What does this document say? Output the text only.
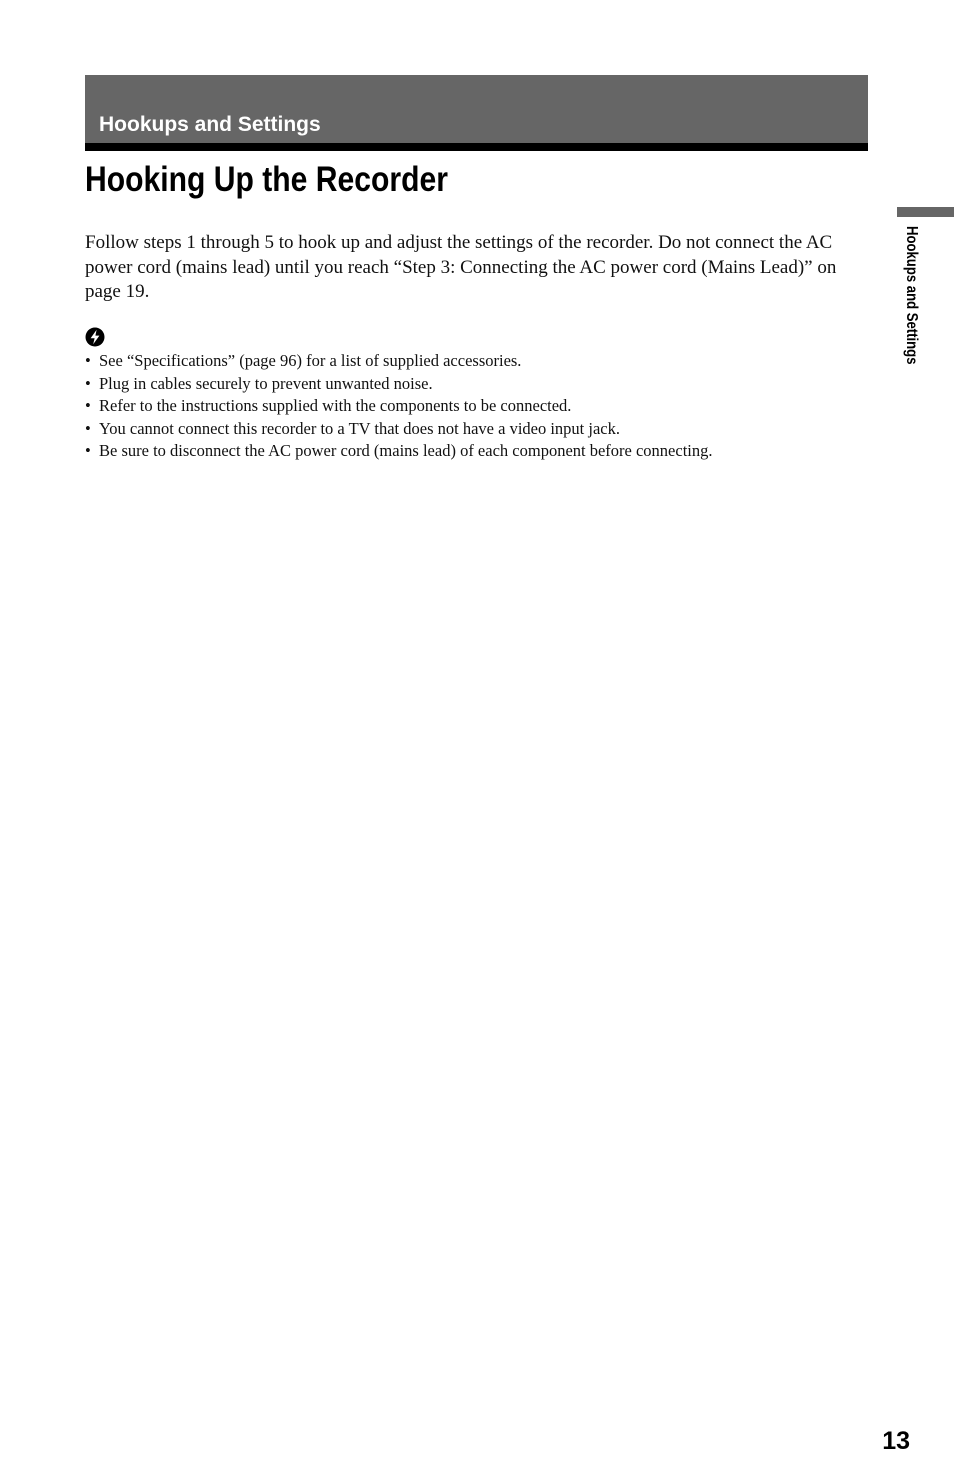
Hookups and Settings
Hooking Up the Recorder

Follow steps 1 through 5 to hook up and adjust the settings of the recorder. Do not connect the AC power cord (mains lead) until you reach “Step 3: Connecting the AC power cord (Mains Lead)” on page 19.

• See “Specifications” (page 96) for a list of supplied accessories.
• Plug in cables securely to prevent unwanted noise.
• Refer to the instructions supplied with the components to be connected.
• You cannot connect this recorder to a TV that does not have a video input jack.
• Be sure to disconnect the AC power cord (mains lead) of each component before connecting.
Hookups and Settings
13
